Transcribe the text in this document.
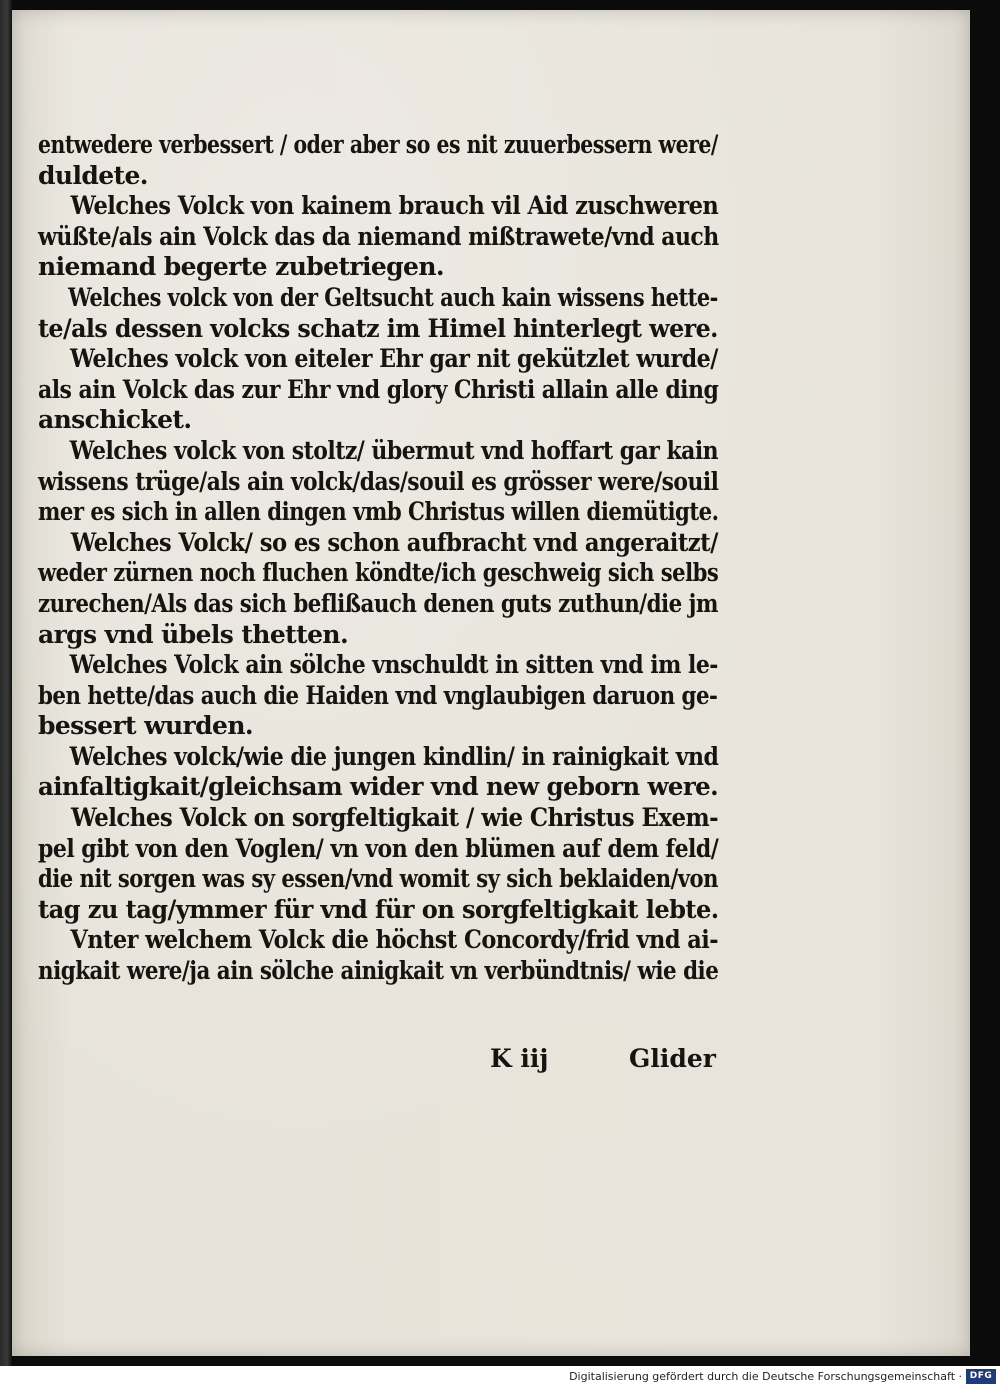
entwedere verbessert / oder aber so es nit zuuerbessern were/
duldete.
Welches Volck von kainem brauch vil Aid zuschweren
wüßte/als ain Volck das da niemand mißtrawete/vnd auch
niemand begerte zubetriegen.
Welches volck von der Geltsucht auch kain wissens hette-
te/als dessen volcks schatz im Himel hinterlegt were.
Welches volck von eiteler Ehr gar nit gekützlet wurde/
als ain Volck das zur Ehr vnd glory Christi allain alle ding
anschicket.
Welches volck von stoltz/ übermut vnd hoffart gar kain
wissens trüge/als ain volck/das/souil es grösser were/souil
mer es sich in allen dingen vmb Christus willen diemütigte.
Welches Volck/ so es schon aufbracht vnd angeraitzt/
weder zürnen noch fluchen köndte/ich geschweig sich selbs
zurechen/Als das sich beflißauch denen guts zuthun/die jm
args vnd übels thetten.
Welches Volck ain sölche vnschuldt in sitten vnd im le-
ben hette/das auch die Haiden vnd vnglaubigen daruon ge-
bessert wurden.
Welches volck/wie die jungen kindlin/ in rainigkait vnd
ainfaltigkait/gleichsam wider vnd new geborn were.
Welches Volck on sorgfeltigkait / wie Christus Exem-
pel gibt von den Voglen/ vn von den blümen auf dem feld/
die nit sorgen was sy essen/vnd womit sy sich beklaiden/von
tag zu tag/ymmer für vnd für on sorgfeltigkait lebte.
Vnter welchem Volck die höchst Concordy/frid vnd ai-
nigkait were/ja ain sölche ainigkait vn verbündtnis/ wie die
K iij	Glider
Digitalisierung gefördert durch die Deutsche Forschungsgemeinschaft · DFG
